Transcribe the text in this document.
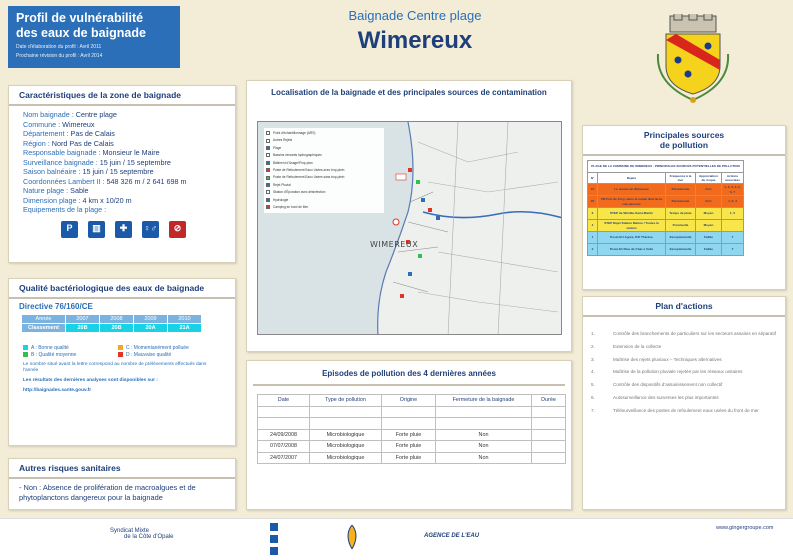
Profil de vulnérabilité
des eaux de baignade
Date d'élaboration du profil : Avril 2011
Prochaine révision du profil : Avril 2014
Baignade Centre plage
Wimereux
Caractéristiques de la zone de baignade
Nom baignade : Centre plage
Commune : Wimereux
Département : Pas de Calais
Région : Nord Pas de Calais
Responsable baignade : Monsieur le Maire
Surveillance baignade : 15 juin / 15 septembre
Saison balnéaire : 15 juin / 15 septembre
Coordonnées Lambert II : 548 326 m / 2 641 698 m
Nature plage : Sable
Dimension plage : 4 km x 10/20 m
Equipements de la plage :
P	▥	✚	♀♂	⊘
Qualité bactériologique des eaux de baignade
Directive 76/160/CE
Année	2007	2008	2009	2010
Classement	20B	20B	20A	21A
A : Bonne qualité	C : Momentanément polluée
B : Qualité moyenne	D : Mauvaise qualité
Le nombre situé avant la lettre correspond au nombre de prélèvements effectués dans l'année
Les résultats des dernières analyses sont disponibles sur :
http://baignades.sante.gouv.fr
Autres risques sanitaires
- Non : Absence de prolifération de macroalgues et de phytoplanctons dangereux pour la baignade
Localisation de la baignade et des principales sources de contamination
Point d'échantillonnage (ARS)
Autres Rejets
Plage
Bassins versants hydrographiques
Bâtiment d'Usage/Prop.plan
Poste de Refoulement Eaux Usées avec trop-plein
Poste de Refoulement Eaux Usées sans trop-plein
Rejet Pluvial
Station d'Épuration avec désinfection
Hydrologie
Camping en bord de Mer
WIMEREUX
Episodes de pollution des 4 dernières années
Date	Type de pollution	Origine	Fermeture de la baignade	Durée

24/09/2008	Microbiologique	Forte pluie	Non	
07/07/2008	Microbiologique	Forte pluie	Non	
24/07/2007	Microbiologique	Forte pluie	Non	
Principales sources
de pollution
PLAGE DE LA COMMUNE DE WIMEREUX - PRINCIPALES SOURCES POTENTIELLES DE POLLUTION				
N°	Rejets	Fréquence à la mer	Appréciation du risque	Actions associées
24	Le réseau de Wimereux	Permanente	Fort	1, 2, 3, 4, 5, 6, 7
25	PR Fort de Croÿ, dans la moitié Sud de la cité pérenne	Permanente	Fort	1, 3, 4
6	STEP de Wimille-Saint-Martin	Temps de pluie	Moyen	1, 5
4	STEP Rejet Station Marine / Toutes la station	Ponctuelle	Moyen	
1	Poste EU Agora, Pdf Thérèse	Exceptionnelle	Faible	7
2	Poste EU Rue de Char a Voile	Exceptionnelle	Faible	7
Plan d'actions
1.	Contrôle des branchements de particuliers sur les secteurs assainis en séparatif
2.	Extension de la collecte
3.	Maîtrise des rejets pluviaux – Techniques alternatives
4.	Maîtrise de la pollution pluviale rejetée par les réseaux unitaires
5.	Contrôle des dispositifs d'assainissement non collectif
6.	Autosurveillance des surverses les plus importantes
7.	Télésurveillance des postes de refoulement eaux usées du front de mer
Syndicat Mixte
de la Côte d'Opale	AGENCE DE L'EAU
www.gingergroupe.com
